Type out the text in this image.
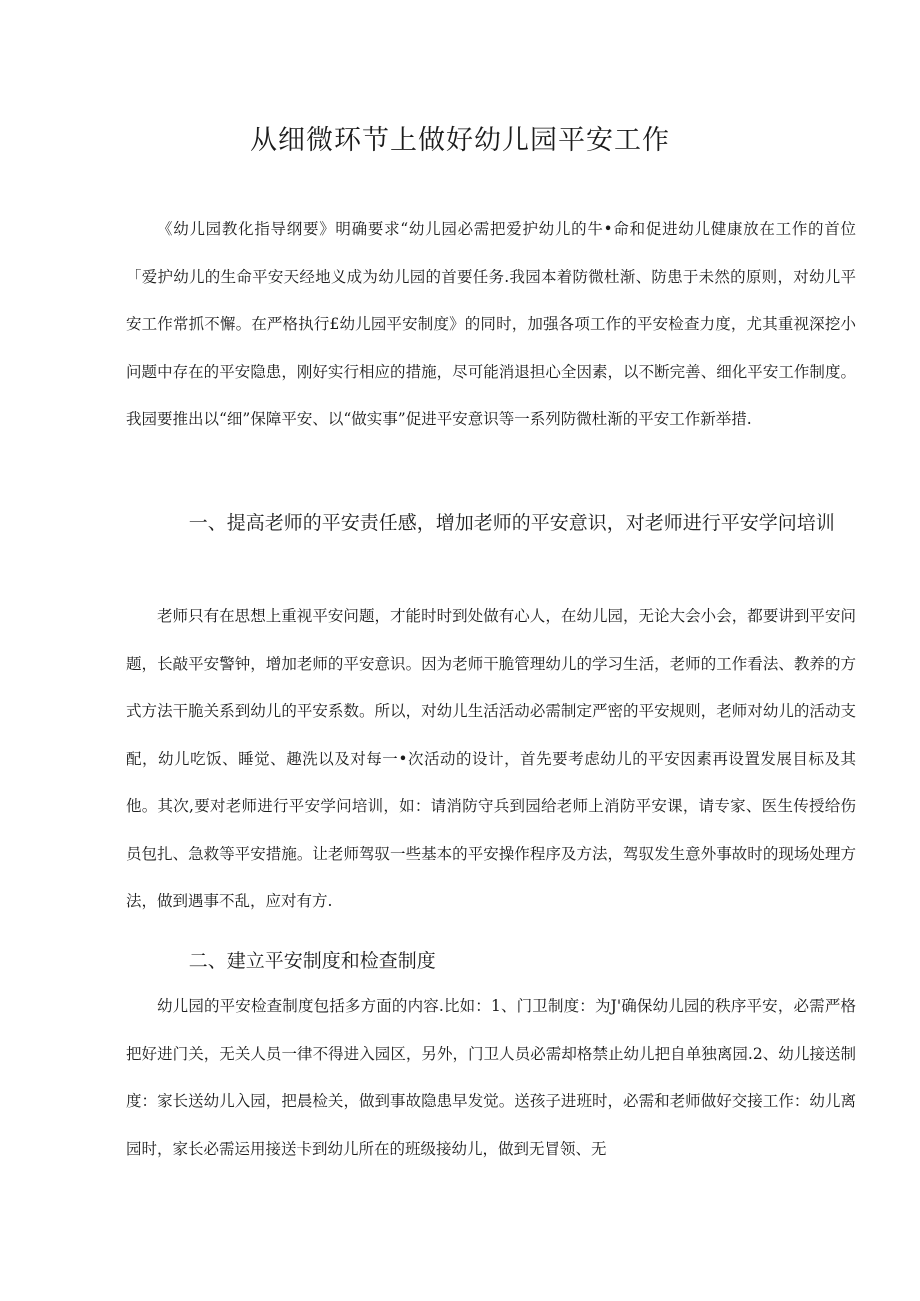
从细微环节上做好幼儿园平安工作

《幼儿园教化指导纲要》明确要求“幼儿园必需把爱护幼儿的牛•命和促进幼儿健康放在工作的首位「爱护幼儿的生命平安天经地义成为幼儿园的首要任务.我园本着防微杜渐、防患于未然的原则，对幼儿平安工作常抓不懈。在严格执行£幼儿园平安制度》的同时，加强各项工作的平安检查力度，尤其重视深挖小问题中存在的平安隐患，刚好实行相应的措施，尽可能消退担心全因素，以不断完善、细化平安工作制度。我园要推出以“细”保障平安、以“做实事”促进平安意识等一系列防微杜渐的平安工作新举措.

一、提高老师的平安责任感，增加老师的平安意识，对老师进行平安学问培训

老师只有在思想上重视平安问题，才能时时到处做有心人，在幼儿园，无论大会小会，都要讲到平安问题，长敲平安警钟，增加老师的平安意识。因为老师干脆管理幼儿的学习生活，老师的工作看法、教养的方式方法干脆关系到幼儿的平安系数。所以，对幼儿生活活动必需制定严密的平安规则，老师对幼儿的活动支配，幼儿吃饭、睡觉、趣洗以及对每一•次活动的设计，首先要考虑幼儿的平安因素再设置发展目标及其他。其次,要对老师进行平安学问培训，如：请消防守兵到园给老师上消防平安课，请专家、医生传授给伤员包扎、急救等平安措施。让老师驾驭一些基本的平安操作程序及方法，驾驭发生意外事故时的现场处理方法，做到遇事不乱，应对有方.

二、建立平安制度和检查制度

幼儿园的平安检查制度包括多方面的内容.比如：1、门卫制度：为J'确保幼儿园的秩序平安，必需严格把好进门关，无关人员一律不得进入园区，另外，门卫人员必需却格禁止幼儿把自单独离园.2、幼儿接送制度：家长送幼儿入园，把晨检关，做到事故隐患早发觉。送孩子进班时，必需和老师做好交接工作：幼儿离园时，家长必需运用接送卡到幼儿所在的班级接幼儿，做到无冒领、无
